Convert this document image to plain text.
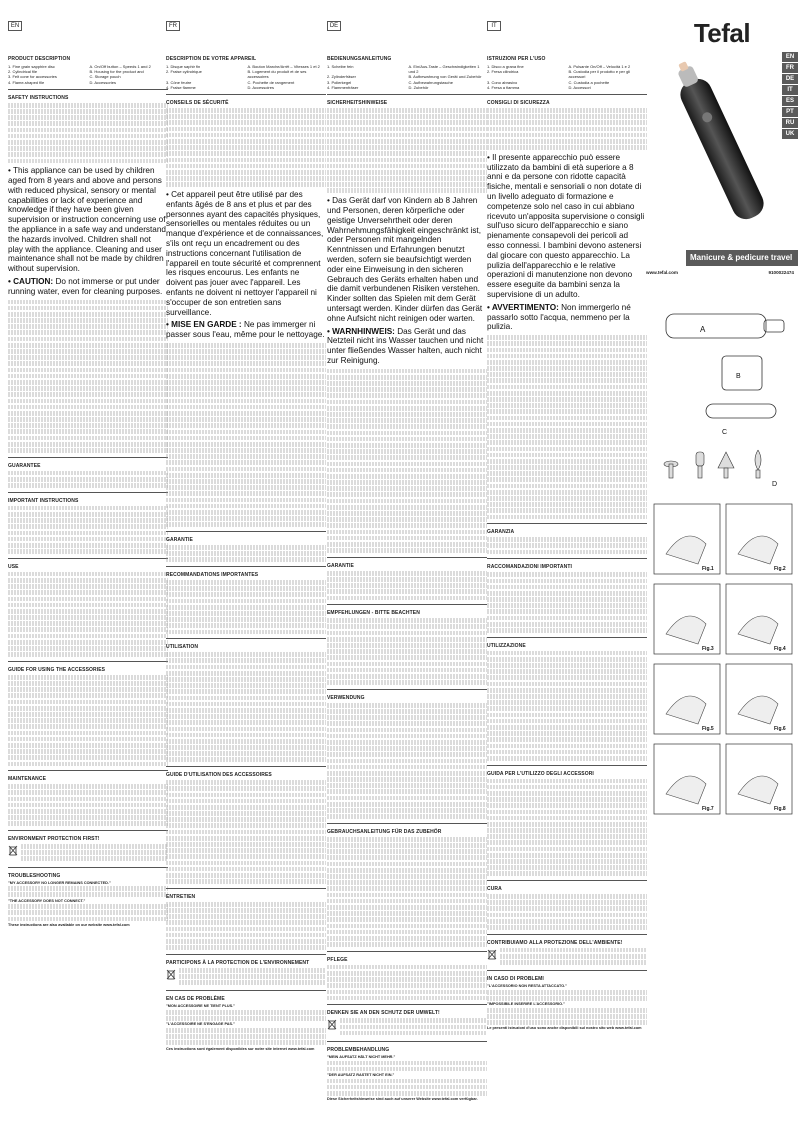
EN
PRODUCT DESCRIPTION
1. Fine grain sapphire disc	A. On/Off button – Speeds 1 and 2
2. Cylindrical file	B. Housing for the product and
3. Felt cone for accessories	C. Storage pouch
4. Flame-shaped file	D. Accessories
SAFETY INSTRUCTIONS

• This appliance can be used by children aged from 8 years and above and persons with reduced physical, sensory or mental capabilities or lack of experience and knowledge if they have been given supervision or instruction concerning use of the appliance in a safe way and understand the hazards involved. Children shall not play with the appliance. Cleaning and user maintenance shall not be made by children without supervision.
• CAUTION: Do not immerse or put under running water, even for cleaning purposes.

GUARANTEE

IMPORTANT INSTRUCTIONS

USE

GUIDE FOR USING THE ACCESSORIES

MAINTENANCE

ENVIRONMENT PROTECTION FIRST!

TROUBLESHOOTING
"MY ACCESSORY NO LONGER REMAINS CONNECTED."

"THE ACCESSORY DOES NOT CONNECT."

These instructions are also available on our website www.tefal.com
FR
DESCRIPTION DE VOTRE APPAREIL
1. Disque saphir fin	A. Bouton Marche/Arrêt – Vitesses 1 et 2
2. Fraise cylindrique	B. Logement du produit et de ses accessoires
3. Cône feutre	C. Pochette de rangement
4. Fraise flamme	D. Accessoires
CONSEILS DE SÉCURITÉ

• Cet appareil peut être utilisé par des enfants âgés de 8 ans et plus et par des personnes ayant des capacités physiques, sensorielles ou mentales réduites ou un manque d'expérience et de connaissances, s'ils ont reçu un encadrement ou des instructions concernant l'utilisation de l'appareil en toute sécurité et comprennent les risques encourus. Les enfants ne doivent pas jouer avec l'appareil. Les enfants ne doivent ni nettoyer l'appareil ni s'occuper de son entretien sans surveillance.
• MISE EN GARDE : Ne pas immerger ni passer sous l'eau, même pour le nettoyage.

GARANTIE

RECOMMANDATIONS IMPORTANTES

UTILISATION

GUIDE D'UTILISATION DES ACCESSOIRES

ENTRETIEN

PARTICIPONS À LA PROTECTION DE L'ENVIRONNEMENT

EN CAS DE PROBLÈME
"MON ACCESSOIRE NE TIENT PLUS."

"L'ACCESSOIRE NE S'ENGAGE PAS."

Ces instructions sont également disponibles sur notre site internet www.tefal.com
DE
BEDIENUNGSANLEITUNG
1. Scheibe fein	A. Ein/Aus-Taste – Geschwindigkeiten 1 und 2
2. Zylinderfräser	B. Aufbewahrung von Gerät und Zubehör
3. Polierkegel	C. Aufbewahrungstasche
4. Flammenfräser	D. Zubehör
SICHERHEITSHINWEISE

• Das Gerät darf von Kindern ab 8 Jahren und Personen, deren körperliche oder geistige Unversehrtheit oder deren Wahrnehmungsfähigkeit eingeschränkt ist, oder Personen mit mangelnden Kenntnissen und Erfahrungen benutzt werden, sofern sie beaufsichtigt werden oder eine Einweisung in den sicheren Gebrauch des Geräts erhalten haben und die damit verbundenen Risiken verstehen. Kinder sollten das Spielen mit dem Gerät untersagt werden. Kinder dürfen das Gerät ohne Aufsicht nicht reinigen oder warten.
• WARNHINWEIS: Das Gerät und das Netzteil nicht ins Wasser tauchen und nicht unter fließendes Wasser halten, auch nicht zur Reinigung.

GARANTIE

EMPFEHLUNGEN - BITTE BEACHTEN

VERWENDUNG

GEBRAUCHSANLEITUNG FÜR DAS ZUBEHÖR

PFLEGE

DENKEN SIE AN DEN SCHUTZ DER UMWELT!

PROBLEMBEHANDLUNG
"MEIN AUFSATZ HÄLT NICHT MEHR."

"DER AUFSATZ RASTET NICHT EIN."

Diese Sicherheitshinweise sind auch auf unserer Website www.tefal.com verfügbar.
IT
ISTRUZIONI PER L'USO
1. Disco a grana fine	A. Pulsante On/Off – Velocità 1 e 2
2. Fresa cilindrica	B. Custodia per il prodotto e per gli accessori
3. Cono abrasivo	C. Custodia a pochette
4. Fresa a fiamma	D. Accessori
CONSIGLI DI SICUREZZA

• Il presente apparecchio può essere utilizzato da bambini di età superiore a 8 anni e da persone con ridotte capacità fisiche, mentali e sensoriali o non dotate di un livello adeguato di formazione e competenze solo nel caso in cui abbiano ricevuto un'apposita supervisione o consigli sull'uso sicuro dell'apparecchio e siano pienamente consapevoli dei pericoli ad esso connessi. I bambini devono astenersi dal giocare con questo apparecchio. La pulizia dell'apparecchio e le relative operazioni di manutenzione non devono essere eseguite da bambini senza la supervisione di un adulto.
• AVVERTIMENTO: Non immergerlo né passarlo sotto l'acqua, nemmeno per la pulizia.

GARANZIA

RACCOMANDAZIONI IMPORTANTI

UTILIZZAZIONE

GUIDA PER L'UTILIZZO DEGLI ACCESSORI

CURA

CONTRIBUIAMO ALLA PROTEZIONE DELL'AMBIENTE!

IN CASO DI PROBLEMI
"L'ACCESSORIO NON RESTA ATTACCATO."

"IMPOSSIBILE INSERIRE L'ACCESSORIO."

Le presenti istruzioni d'uso sono anche disponibili sul nostro sito web www.tefal.com
Tefal
EN
FR
DE
IT
ES
PT
RU
UK
Manicure & pedicure travel set
www.tefal.com	9100022474
A
B
C
D
Fig.1	Fig.2
Fig.3	Fig.4
Fig.5	Fig.6
Fig.7	Fig.8
